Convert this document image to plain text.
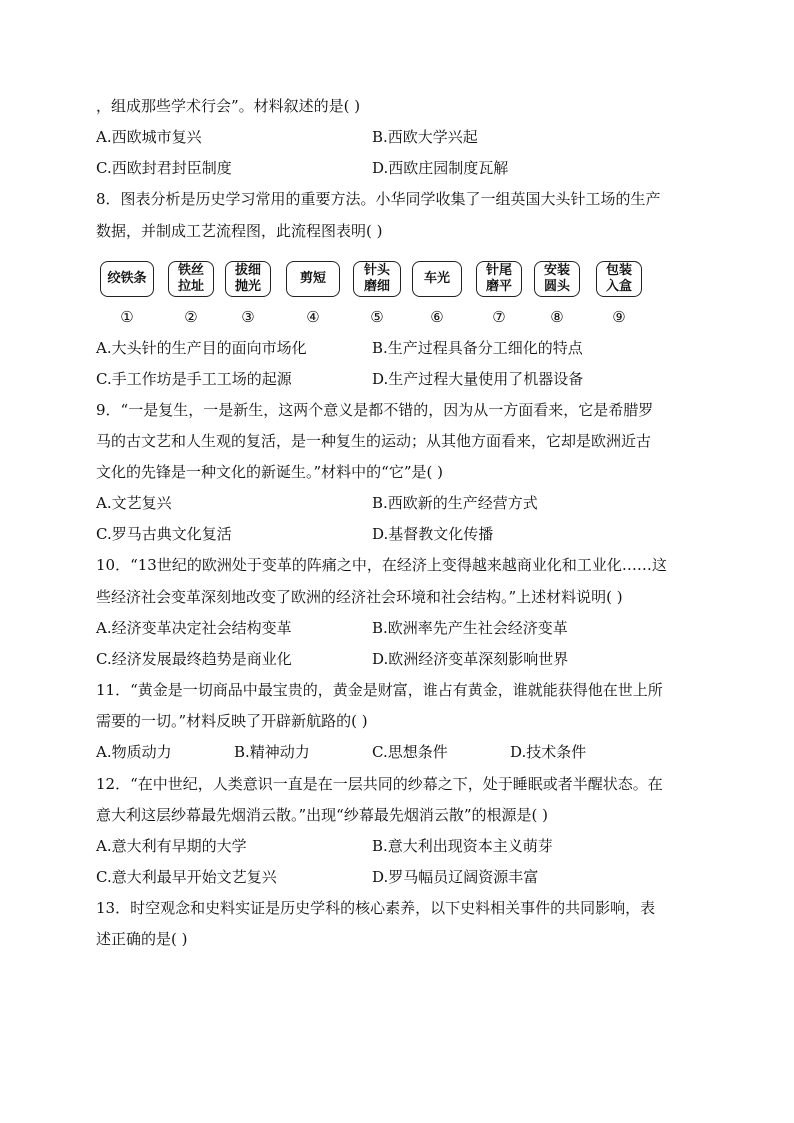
，组成那些学术行会”。材料叙述的是( )
A.西欧城市复兴	B.西欧大学兴起
C.西欧封君封臣制度	D.西欧庄园制度瓦解
8．图表分析是历史学习常用的重要方法。小华同学收集了一组英国大头针工场的生产
数据，并制成工艺流程图，此流程图表明( )
绞铁条
铁丝
拉址
拔细
抛光
剪短
针头
磨细
车光
针尾
磨平
安装
圆头
包装
入盒
①	②	③	④	⑤	⑥	⑦	⑧	⑨
A.大头针的生产目的面向市场化	B.生产过程具备分工细化的特点
C.手工作坊是手工工场的起源	D.生产过程大量使用了机器设备
9．“一是复生，一是新生，这两个意义是都不错的，因为从一方面看来，它是希腊罗
马的古文艺和人生观的复活，是一种复生的运动；从其他方面看来，它却是欧洲近古
文化的先锋是一种文化的新诞生。”材料中的“它”是( )
A.文艺复兴	B.西欧新的生产经营方式
C.罗马古典文化复活	D.基督教文化传播
10．“13世纪的欧洲处于变革的阵痛之中，在经济上变得越来越商业化和工业化……这
些经济社会变革深刻地改变了欧洲的经济社会环境和社会结构。”上述材料说明( )
A.经济变革决定社会结构变革	B.欧洲率先产生社会经济变革
C.经济发展最终趋势是商业化	D.欧洲经济变革深刻影响世界
11．“黄金是一切商品中最宝贵的，黄金是财富，谁占有黄金，谁就能获得他在世上所
需要的一切。”材料反映了开辟新航路的( )
A.物质动力	B.精神动力	C.思想条件	D.技术条件
12．“在中世纪，人类意识一直是在一层共同的纱幕之下，处于睡眠或者半醒状态。在
意大利这层纱幕最先烟消云散。”出现“纱幕最先烟消云散”的根源是( )
A.意大利有早期的大学	B.意大利出现资本主义萌芽
C.意大利最早开始文艺复兴	D.罗马幅员辽阔资源丰富
13．时空观念和史料实证是历史学科的核心素养，以下史料相关事件的共同影响，表
述正确的是( )
